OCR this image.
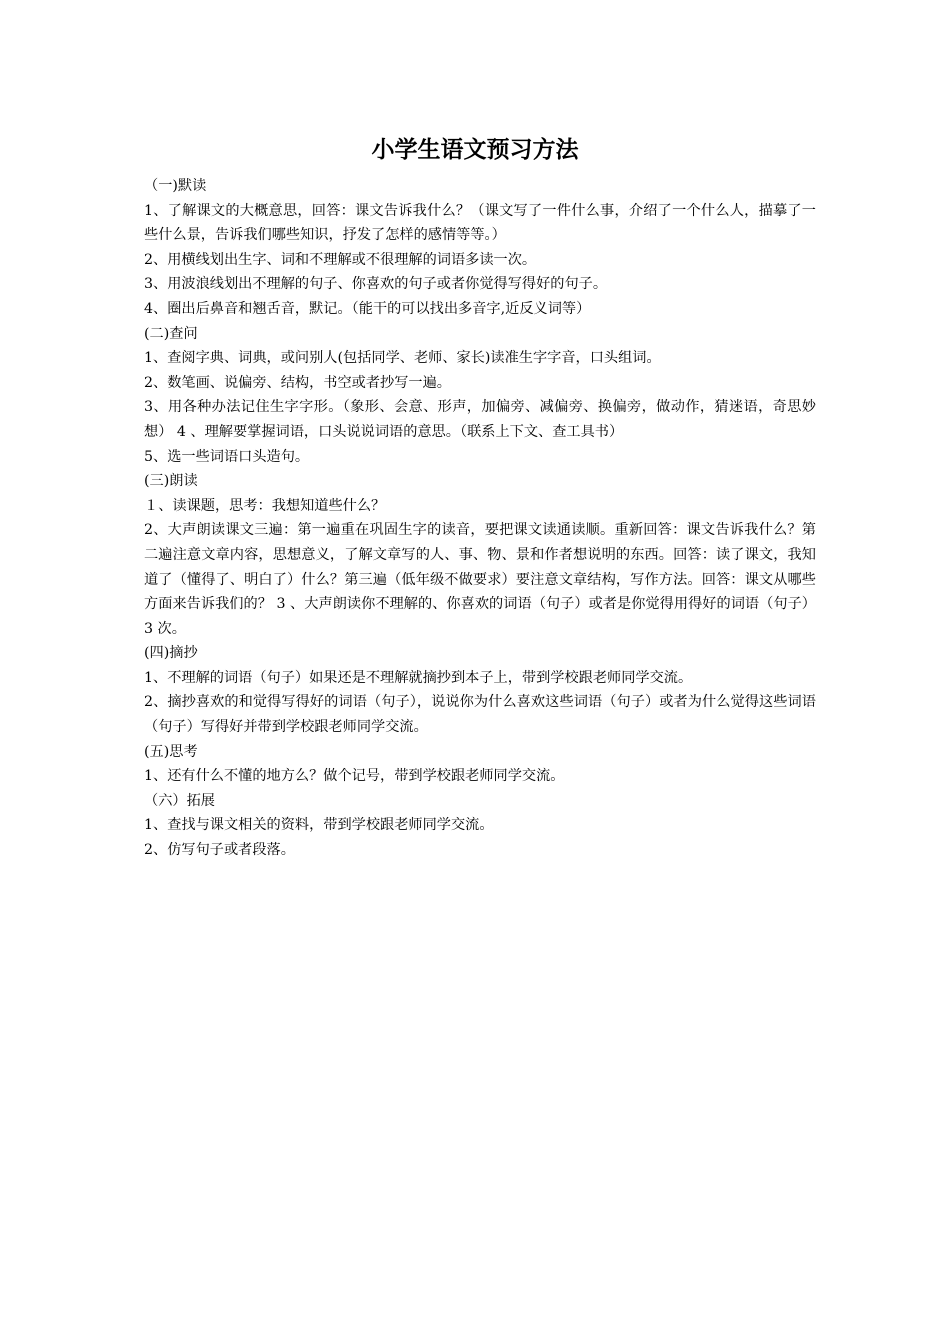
小学生语文预习方法
（一)默读
1、了解课文的大概意思，回答：课文告诉我什么？（课文写了一件什么事，介绍了一个什么人，描摹了一些什么景，告诉我们哪些知识，抒发了怎样的感情等等。）
2、用横线划出生字、词和不理解或不很理解的词语多读一次。
3、用波浪线划出不理解的句子、你喜欢的句子或者你觉得写得好的句子。
4、圈出后鼻音和翘舌音，默记。（能干的可以找出多音字,近反义词等）
(二)查问
1、查阅字典、词典，或问别人(包括同学、老师、家长)读准生字字音，口头组词。
2、数笔画、说偏旁、结构，书空或者抄写一遍。
3、用各种办法记住生字字形。（象形、会意、形声，加偏旁、减偏旁、换偏旁，做动作，猜迷语，奇思妙想） 4 、理解要掌握词语，口头说说词语的意思。（联系上下文、查工具书）
5、选一些词语口头造句。
(三)朗读
１、读课题，思考：我想知道些什么？
2、大声朗读课文三遍：第一遍重在巩固生字的读音，要把课文读通读顺。重新回答：课文告诉我什么？第二遍注意文章内容，思想意义，了解文章写的人、事、物、景和作者想说明的东西。回答：读了课文，我知道了（懂得了、明白了）什么？第三遍（低年级不做要求）要注意文章结构，写作方法。回答：课文从哪些方面来告诉我们的？ 3 、大声朗读你不理解的、你喜欢的词语（句子）或者是你觉得用得好的词语（句子）3 次。
(四)摘抄
1、不理解的词语（句子）如果还是不理解就摘抄到本子上，带到学校跟老师同学交流。
2、摘抄喜欢的和觉得写得好的词语（句子），说说你为什么喜欢这些词语（句子）或者为什么觉得这些词语（句子）写得好并带到学校跟老师同学交流。
(五)思考
1、还有什么不懂的地方么？做个记号，带到学校跟老师同学交流。
（六）拓展
1、查找与课文相关的资料，带到学校跟老师同学交流。
2、仿写句子或者段落。
